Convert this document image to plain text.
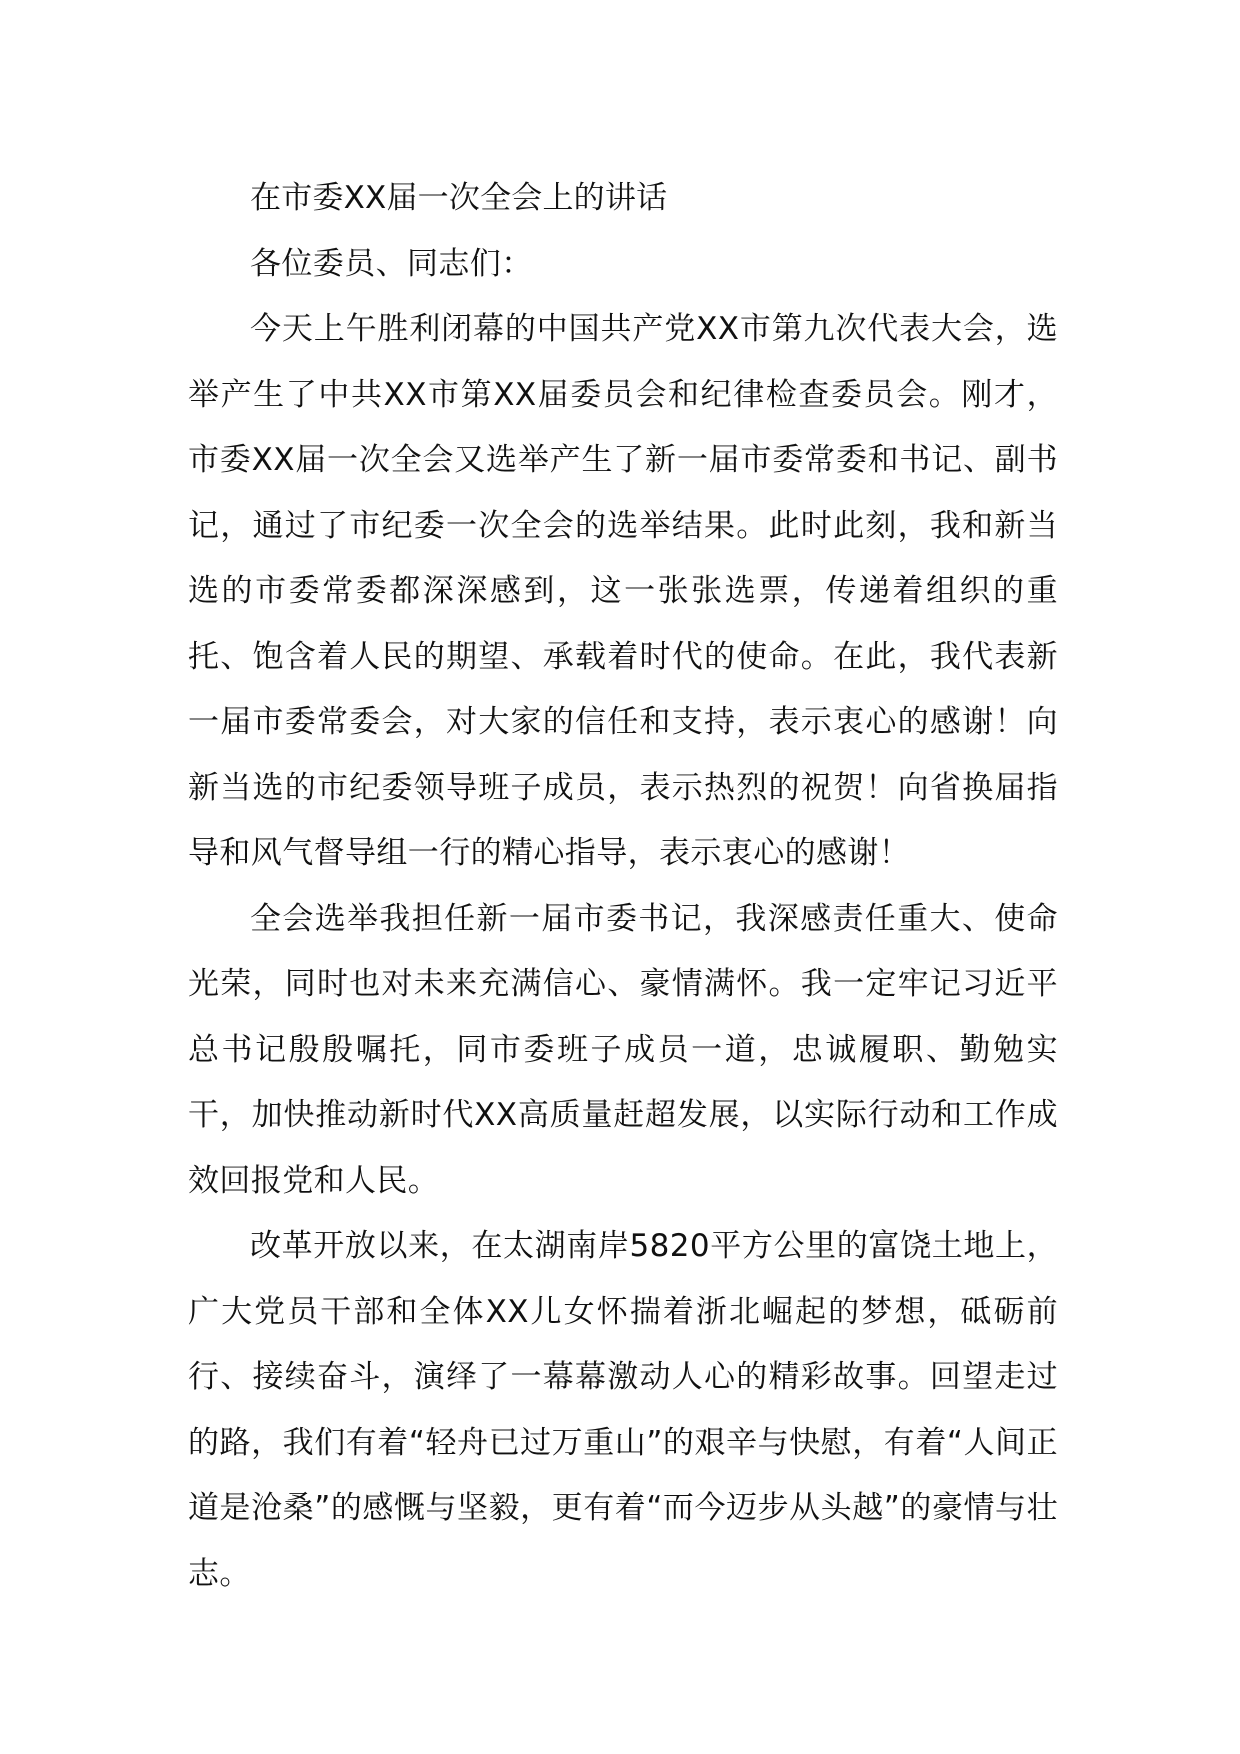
在市委XX届一次全会上的讲话

各位委员、同志们：

今天上午胜利闭幕的中国共产党XX市第九次代表大会，选举产生了中共XX市第XX届委员会和纪律检查委员会。刚才，市委XX届一次全会又选举产生了新一届市委常委和书记、副书记，通过了市纪委一次全会的选举结果。此时此刻，我和新当选的市委常委都深深感到，这一张张选票，传递着组织的重托、饱含着人民的期望、承载着时代的使命。在此，我代表新一届市委常委会，对大家的信任和支持，表示衷心的感谢！向新当选的市纪委领导班子成员，表示热烈的祝贺！向省换届指导和风气督导组一行的精心指导，表示衷心的感谢！

全会选举我担任新一届市委书记，我深感责任重大、使命光荣，同时也对未来充满信心、豪情满怀。我一定牢记习近平总书记殷殷嘱托，同市委班子成员一道，忠诚履职、勤勉实干，加快推动新时代XX高质量赶超发展，以实际行动和工作成效回报党和人民。

改革开放以来，在太湖南岸5820平方公里的富饶土地上，广大党员干部和全体XX儿女怀揣着浙北崛起的梦想，砥砺前行、接续奋斗，演绎了一幕幕激动人心的精彩故事。回望走过的路，我们有着“轻舟已过万重山”的艰辛与快慰，有着“人间正道是沧桑”的感慨与坚毅，更有着“而今迈步从头越”的豪情与壮志。
